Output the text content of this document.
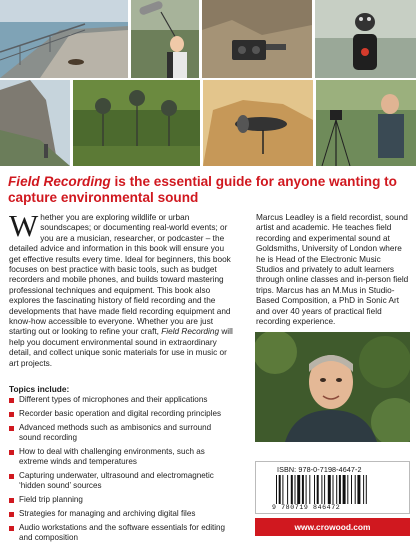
Field Recording is the essential guide for anyone wanting to capture environmental sound
Whether you are exploring wildlife or urban soundscapes; or documenting real-world events; or you are a musician, researcher, or podcaster – the detailed advice and information in this book will ensure you get effective results every time. Ideal for beginners, this book focuses on best practice with basic tools, such as budget recorders and mobile phones, and builds toward mastering professional techniques and equipment. This book also explores the fascinating history of field recording and the developments that have made field recording equipment and know-how accessible to everyone. Whether you are just starting out or looking to refine your craft, Field Recording will help you document environmental sound in extraordinary detail, and collect unique sonic materials for use in music or art projects.
Topics include:
Different types of microphones and their applications
Recorder basic operation and digital recording principles
Advanced methods such as ambisonics and surround sound recording
How to deal with challenging environments, such as extreme winds and temperatures
Capturing underwater, ultrasound and electromagnetic ‘hidden sound’ sources
Field trip planning
Strategies for managing and archiving digital files
Audio workstations and the software essentials for editing and composition
Marcus Leadley is a field recordist, sound artist and academic. He teaches field recording and experimental sound at Goldsmiths, University of London where he is Head of the Electronic Music Studios and privately to adult learners through online classes and in-person field trips. Marcus has an M.Mus in Studio-Based Composition, a PhD in Sonic Art and over 40 years of practical field recording experience.
ISBN: 978-0-7198-4647-2
9 780719 846472
www.crowood.com
